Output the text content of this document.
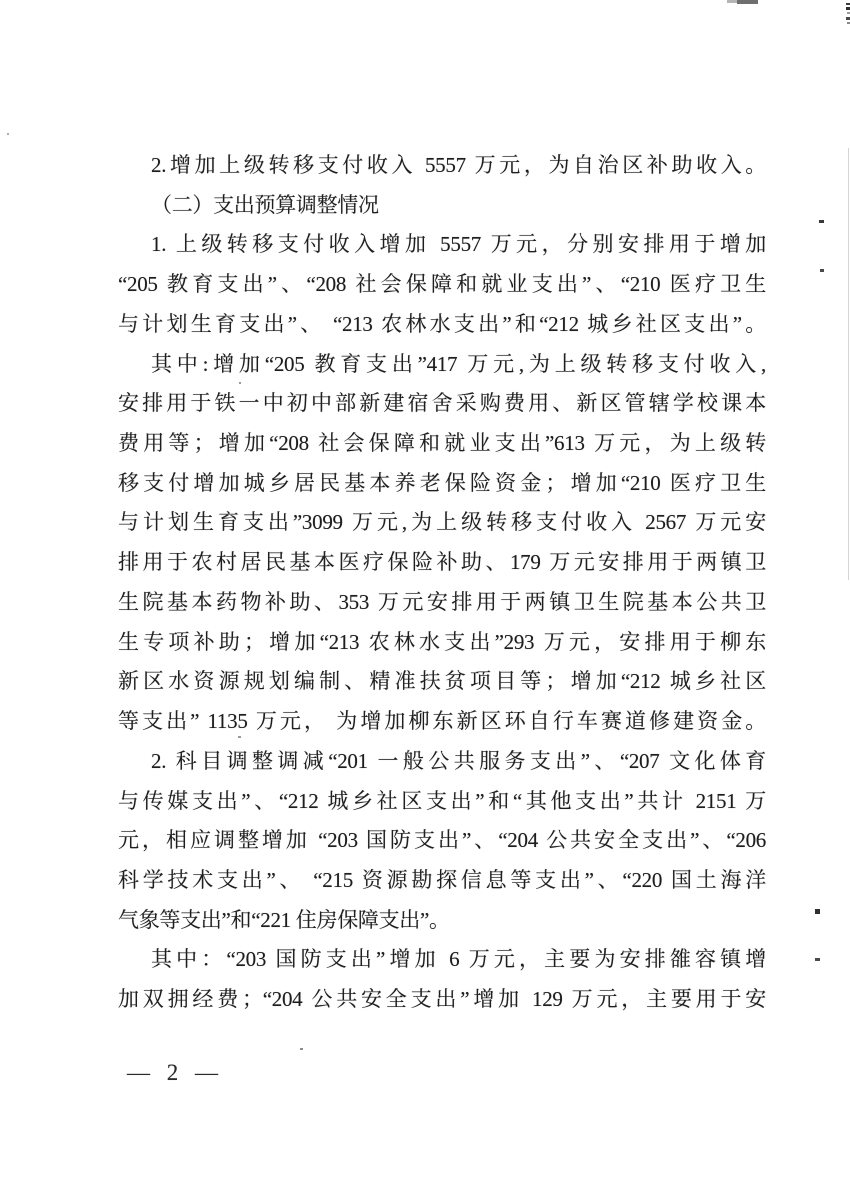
2.增加上级转移支付收入 5557 万元，为自治区补助收入。
（二）支出预算调整情况
1. 上级转移支付收入增加 5557 万元，分别安排用于增加
“205 教育支出”、“208 社会保障和就业支出”、“210 医疗卫生
与计划生育支出”、 “213 农林水支出”和“212 城乡社区支出”。
其中:增加“205 教育支出”417 万元,为上级转移支付收入,
安排用于铁一中初中部新建宿舍采购费用、新区管辖学校课本
费用等；增加“208 社会保障和就业支出”613 万元，为上级转
移支付增加城乡居民基本养老保险资金；增加“210 医疗卫生
与计划生育支出”3099 万元,为上级转移支付收入 2567 万元安
排用于农村居民基本医疗保险补助、179 万元安排用于两镇卫
生院基本药物补助、353 万元安排用于两镇卫生院基本公共卫
生专项补助；增加“213 农林水支出”293 万元，安排用于柳东
新区水资源规划编制、精准扶贫项目等；增加“212 城乡社区
等支出” 1135 万元， 为增加柳东新区环自行车赛道修建资金。
2. 科目调整调减“201 一般公共服务支出”、“207 文化体育
与传媒支出”、“212 城乡社区支出”和“其他支出”共计 2151 万
元，相应调整增加 “203 国防支出”、“204 公共安全支出”、“206
科学技术支出”、 “215 资源勘探信息等支出”、“220 国土海洋
气象等支出”和“221 住房保障支出”。
其中：“203 国防支出”增加 6 万元，主要为安排雒容镇增
加双拥经费；“204 公共安全支出”增加 129 万元，主要用于安
— 2 —
